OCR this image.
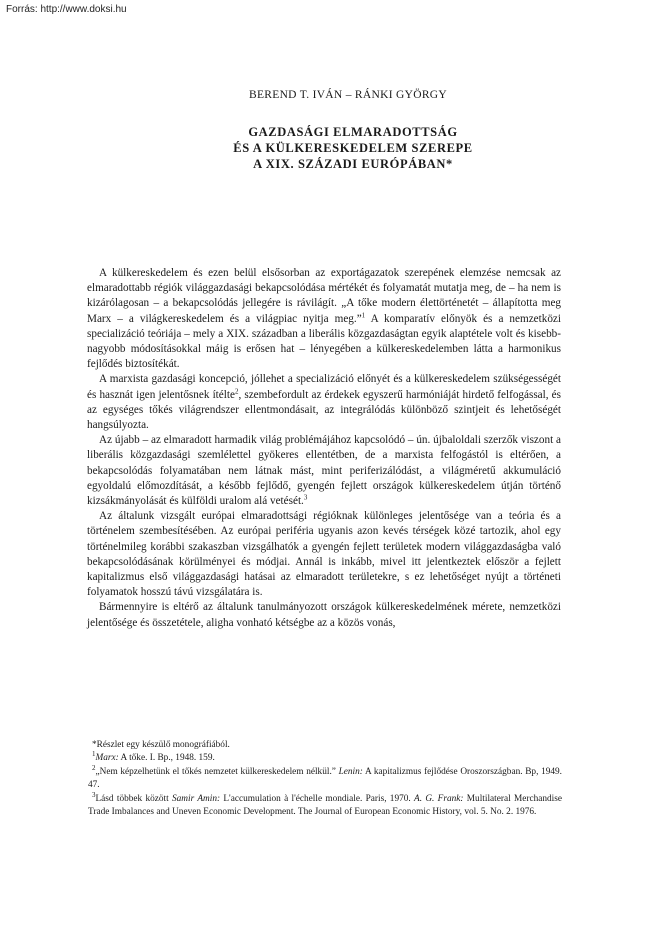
Forrás: http://www.doksi.hu
BEREND T. IVÁN – RÁNKI GYÖRGY
GAZDASÁGI ELMARADOTTSÁG
ÉS A KÜLKERESKEDELEM SZEREPE
A XIX. SZÁZADI EURÓPÁBAN*

A külkereskedelem és ezen belül elsősorban az exportágazatok szerepének elemzése nemcsak az elmaradottabb régiók világgazdasági bekapcsolódása mértékét és folyamatát mutatja meg, de – ha nem is kizárólagosan – a bekapcsolódás jellegére is rávilágít. „A tőke modern élettörténetét – állapította meg Marx – a világkereskedelem és a világpiac nyitja meg.”$^1$ A komparatív előnyök és a nemzetközi specializáció teóriája – mely a XIX. században a liberális közgazdaságtan egyik alaptétele volt és kisebb-nagyobb módosításokkal máig is erősen hat – lényegében a külkereskedelemben látta a harmonikus fejlődés biztosítékát.

A marxista gazdasági koncepció, jóllehet a specializáció előnyét és a külkereskedelem szükségességét és hasznát igen jelentősnek ítélte$^2$, szembefordult az érdekek egyszerű harmóniáját hirdető felfogással, és az egységes tőkés világrendszer ellentmondásait, az integrálódás különböző szintjeit és lehetőségét hangsúlyozta.

Az újabb – az elmaradott harmadik világ problémájához kapcsolódó – ún. újbaloldali szerzők viszont a liberális közgazdasági szemlélettel gyökeres ellentétben, de a marxista felfogástól is eltérően, a bekapcsolódás folyamatában nem látnak mást, mint periferizálódást, a világméretű akkumuláció egyoldalú előmozdítását, a később fejlődő, gyengén fejlett országok külkereskedelem útján történő kizsákmányolását és külföldi uralom alá vetését.$^3$

Az általunk vizsgált európai elmaradottsági régióknak különleges jelentősége van a teória és a történelem szembesítésében. Az európai periféria ugyanis azon kevés térségek közé tartozik, ahol egy történelmileg korábbi szakaszban vizsgálhatók a gyengén fejlett területek modern világgazdaságba való bekapcsolódásának körülményei és módjai. Annál is inkább, mivel itt jelentkeztek először a fejlett kapitalizmus első világgazdasági hatásai az elmaradott területekre, s ez lehetőséget nyújt a történeti folyamatok hosszú távú vizsgálatára is.

Bármennyire is eltérő az általunk tanulmányozott országok külkereskedelmének mérete, nemzetközi jelentősége és összetétele, aligha vonható kétségbe az a közös vonás,

*Részlet egy készülő monográfiából.

$^1$Marx: A tőke. I. Bp., 1948. 159.

$^2$„Nem képzelhetünk el tőkés nemzetet külkereskedelem nélkül.” Lenin: A kapitalizmus fejlődése Oroszországban. Bp, 1949. 47.

$^3$Lásd többek között Samir Amin: L'accumulation à l'échelle mondiale. Paris, 1970. A. G. Frank: Multilateral Merchandise Trade Imbalances and Uneven Economic Development. The Journal of European Economic History, vol. 5. No. 2. 1976.
